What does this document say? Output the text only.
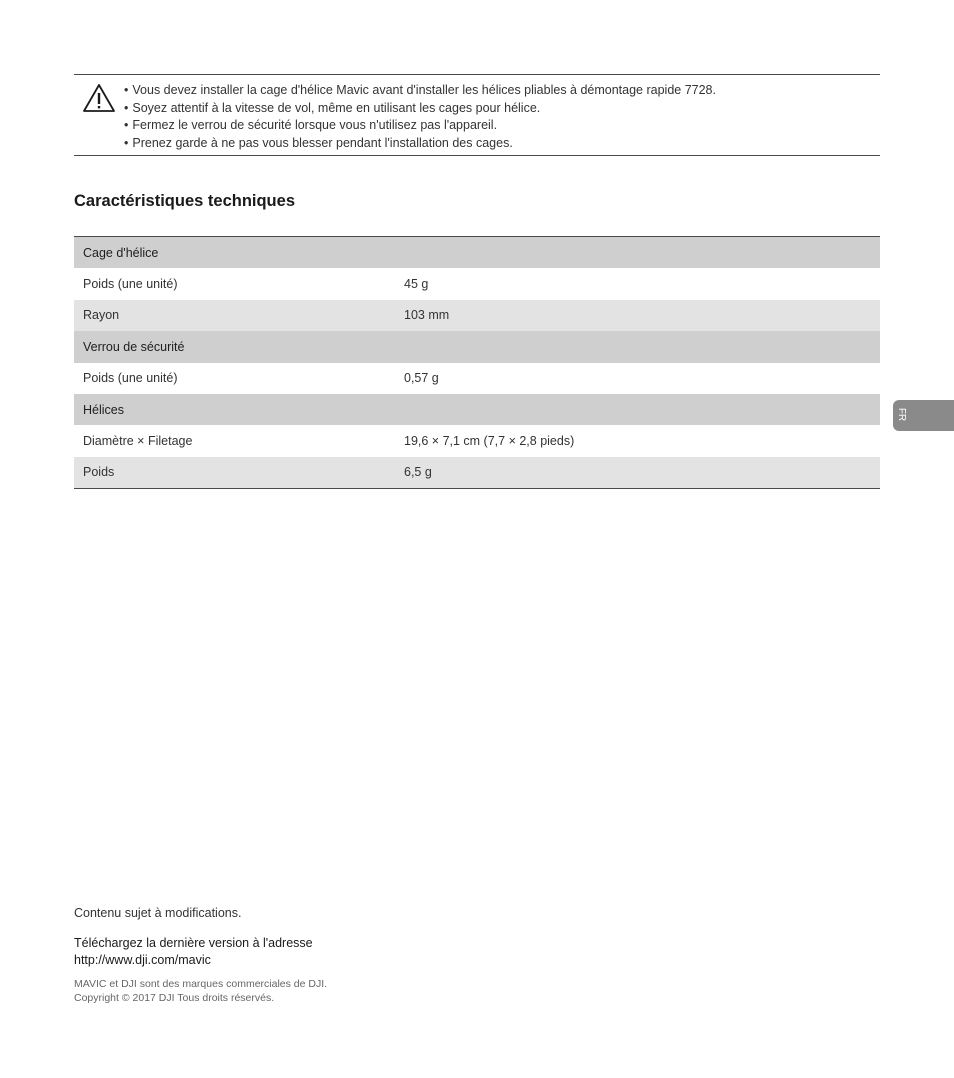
• Vous devez installer la cage d'hélice Mavic avant d'installer les hélices pliables à démontage rapide 7728.
• Soyez attentif à la vitesse de vol, même en utilisant les cages pour hélice.
• Fermez le verrou de sécurité lorsque vous n'utilisez pas l'appareil.
• Prenez garde à ne pas vous blesser pendant l'installation des cages.
Caractéristiques techniques
Cage d'hélice
Poids (une unité)	45 g
Rayon	103 mm
Verrou de sécurité
Poids (une unité)	0,57 g
Hélices
Diamètre × Filetage	19,6 × 7,1 cm (7,7 × 2,8 pieds)
Poids	6,5 g
FR
Contenu sujet à modifications.
Téléchargez la dernière version à l'adresse
http://www.dji.com/mavic
MAVIC et DJI sont des marques commerciales de DJI.
Copyright © 2017 DJI Tous droits réservés.
